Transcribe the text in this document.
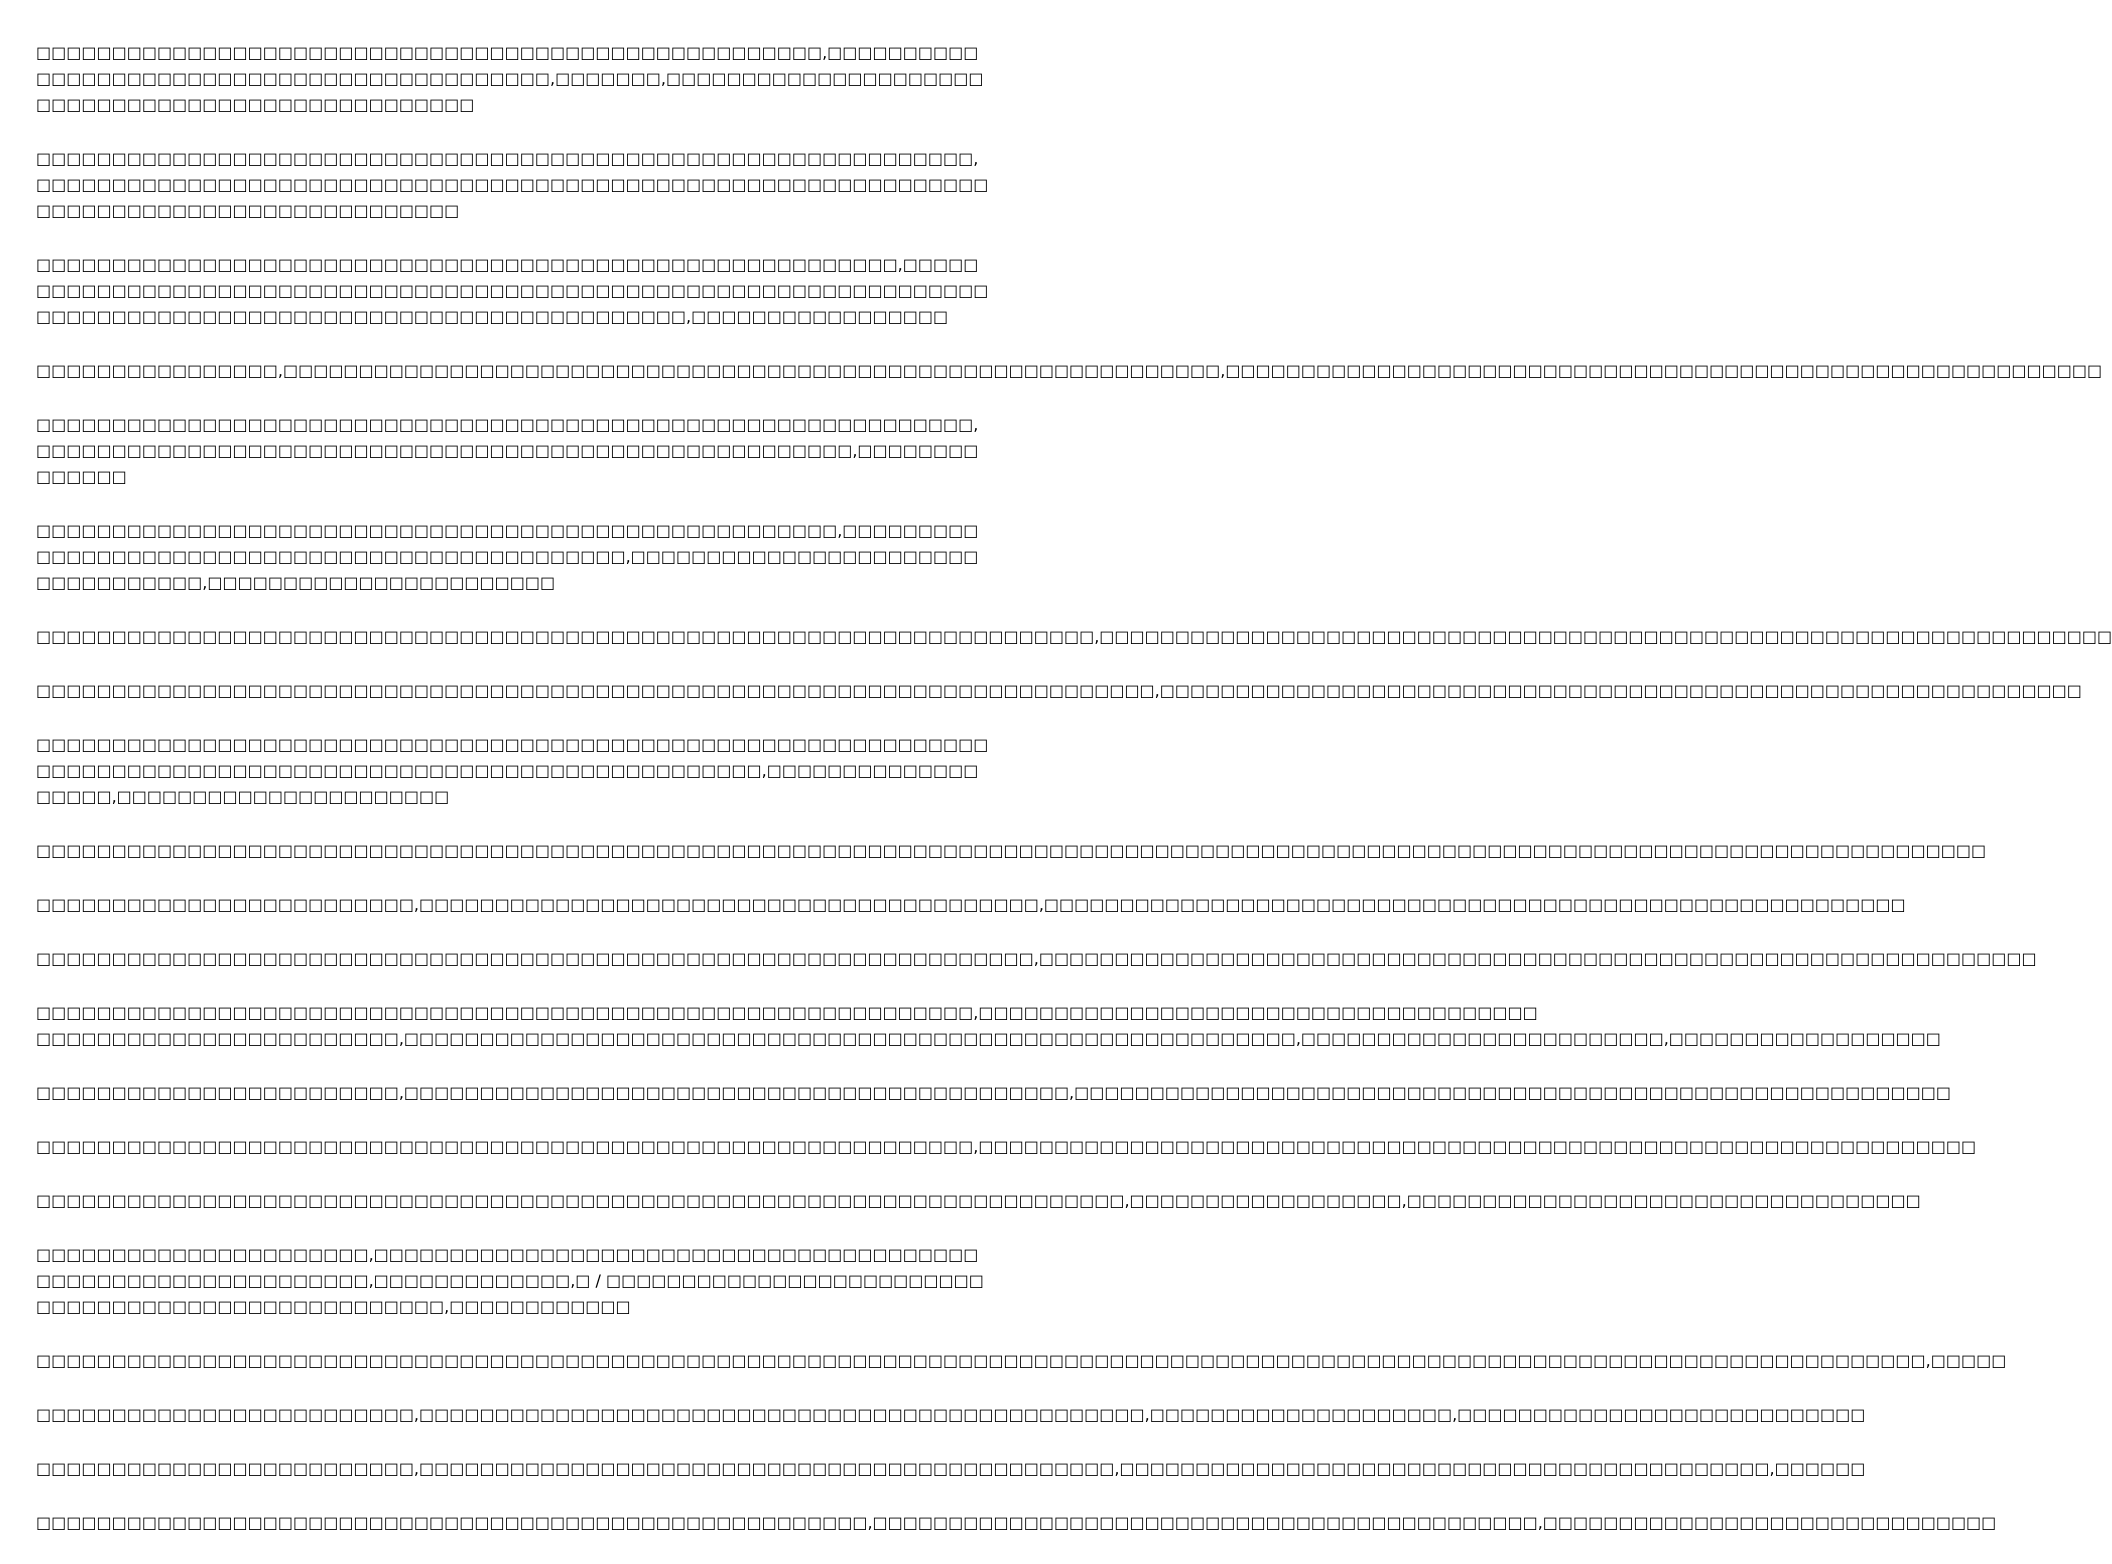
□□□□□□□□□□□□□□□□□□□□□□□□□□□□□□□□□□□□□□□□□□□□□□□□□□□□,□□□□□□□□□□□□□□□□□□□□□□□□□□□□□□□□□□□□□□□□□□□□,□□□□□□□,□□□□□□□□□□□□□□□□□□□□□□□□□□□□□□□□□□□□□□□□□□□□□□□□□□

□□□□□□□□□□□□□□□□□□□□□□□□□□□□□□□□□□□□□□□□□□□□□□□□□□□□□□□□□□□□□□,□□□□□□□□□□□□□□□□□□□□□□□□□□□□□□□□□□□□□□□□□□□□□□□□□□□□□□□□□□□□□□□□□□□□□□□□□□□□□□□□□□□□□□□□□□□

□□□□□□□□□□□□□□□□□□□□□□□□□□□□□□□□□□□□□□□□□□□□□□□□□□□□□□□□□,□□□□□□□□□□□□□□□□□□□□□□□□□□□□□□□□□□□□□□□□□□□□□□□□□□□□□□□□□□□□□□□□□□□□□□□□□□□□□□□□□□□□□□□□□□□□□□□□□□□□□□□□□□□□□□□,□□□□□□□□□□□□□□□□□

□□□□□□□□□□□□□□□□,□□□□□□□□□□□□□□□□□□□□□□□□□□□□□□□□□□□□□□□□□□□□□□□□□□□□□□□□□□□□□□,□□□□□□□□□□□□□□□□□□□□□□□□□□□□□□□□□□□□□□□□□□□□□□□□□□□□□□□□□□

□□□□□□□□□□□□□□□□□□□□□□□□□□□□□□□□□□□□□□□□□□□□□□□□□□□□□□□□□□□□□□,□□□□□□□□□□□□□□□□□□□□□□□□□□□□□□□□□□□□□□□□□□□□□□□□□□□□□□,□□□□□□□□□□□□□□

□□□□□□□□□□□□□□□□□□□□□□□□□□□□□□□□□□□□□□□□□□□□□□□□□□□□□,□□□□□□□□□□□□□□□□□□□□□□□□□□□□□□□□□□□□□□□□□□□□□□□□,□□□□□□□□□□□□□□□□□□□□□□□□□□□□□□□□□□,□□□□□□□□□□□□□□□□□□□□□□□

□□□□□□□□□□□□□□□□□□□□□□□□□□□□□□□□□□□□□□□□□□□□□□□□□□□□□□□□□□□□□□□□□□□□□□,□□□□□□□□□□□□□□□□□□□□□□□□□□□□□□□□□□□□□□□□□□□□□□□□□□□□□□□□□□□□□□□□□□□

□□□□□□□□□□□□□□□□□□□□□□□□□□□□□□□□□□□□□□□□□□□□□□□□□□□□□□□□□□□□□□□□□□□□□□□□□□,□□□□□□□□□□□□□□□□□□□□□□□□□□□□□□□□□□□□□□□□□□□□□□□□□□□□□□□□□□□□□

□□□□□□□□□□□□□□□□□□□□□□□□□□□□□□□□□□□□□□□□□□□□□□□□□□□□□□□□□□□□□□□□□□□□□□□□□□□□□□□□□□□□□□□□□□□□□□□□□□□□□□□□□□□□□□□,□□□□□□□□□□□□□□□□□□□,□□□□□□□□□□□□□□□□□□□□□□

□□□□□□□□□□□□□□□□□□□□□□□□□□□□□□□□□□□□□□□□□□□□□□□□□□□□□□□□□□□□□□□□□□□□□□□□□□□□□□□□□□□□□□□□□□□□□□□□□□□□□□□□□□□□□□□□□□□□□□□□□□□□□□□□□

□□□□□□□□□□□□□□□□□□□□□□□□□,□□□□□□□□□□□□□□□□□□□□□□□□□□□□□□□□□□□□□□□□□,□□□□□□□□□□□□□□□□□□□□□□□□□□□□□□□□□□□□□□□□□□□□□□□□□□□□□□□□□

□□□□□□□□□□□□□□□□□□□□□□□□□□□□□□□□□□□□□□□□□□□□□□□□□□□□□□□□□□□□□□□□□□,□□□□□□□□□□□□□□□□□□□□□□□□□□□□□□□□□□□□□□□□□□□□□□□□□□□□□□□□□□□□□□□□□□

□□□□□□□□□□□□□□□□□□□□□□□□□□□□□□□□□□□□□□□□□□□□□□□□□□□□□□□□□□□□□□,□□□□□□□□□□□□□□□□□□□□□□□□□□□□□□□□□□□□□

□□□□□□□□□□□□□□□□□□□□□□□□,□□□□□□□□□□□□□□□□□□□□□□□□□□□□□□□□□□□□□□□□□□□□□□□□□□□□□□□□□□□,□□□□□□□□□□□□□□□□□□□□□□□□,□□□□□□□□□□□□□□□□□□

□□□□□□□□□□□□□□□□□□□□□□□□,□□□□□□□□□□□□□□□□□□□□□□□□□□□□□□□□□□□□□□□□□□□□,□□□□□□□□□□□□□□□□□□□□□□□□□□□□□□□□□□□□□□□□□□□□□□□□□□□□□□□□□□

□□□□□□□□□□□□□□□□□□□□□□□□□□□□□□□□□□□□□□□□□□□□□□□□□□□□□□□□□□□□□□,□□□□□□□□□□□□□□□□□□□□□□□□□□□□□□□□□□□□□□□□□□□□□□□□□□□□□□□□□□□□□□□□□□

□□□□□□□□□□□□□□□□□□□□□□□□□□□□□□□□□□□□□□□□□□□□□□□□□□□□□□□□□□□□□□□□□□□□□□□□,□□□□□□□□□□□□□□□□□□,□□□□□□□□□□□□□□□□□□□□□□□□□□□□□□□□□□

□□□□□□□□□□□□□□□□□□□□□□,□□□□□□□□□□□□□□□□□□□□□□□□□□□□□□□□□□□□□□□□□□□□□□□□□□□□□□□□□□□□□□,□□□□□□□□□□□□□,□ / □□□□□□□□□□□□□□□□□□□□□□□□□□□□□□□□□□□□□□□□□□□□□□□□□□□□,□□□□□□□□□□□□

□□□□□□□□□□□□□□□□□□□□□□□□□□□□□□□□□□□□□□□□□□□□□□□□□□□□□□□□□□□□□□□□□□□□□□□□□□□□□□□□□□□□□□□□□□□□□□□□□□□□□□□□□□□□□□□□□□□□□□□□□□□□□,□□□□□

□□□□□□□□□□□□□□□□□□□□□□□□□,□□□□□□□□□□□□□□□□□□□□□□□□□□□□□□□□□□□□□□□□□□□□□□□□,□□□□□□□□□□□□□□□□□□□□,□□□□□□□□□□□□□□□□□□□□□□□□□□□

□□□□□□□□□□□□□□□□□□□□□□□□□,□□□□□□□□□□□□□□□□□□□□□□□□□□□□□□□□□□□□□□□□□□□□□□,□□□□□□□□□□□□□□□□□□□□□□□□□□□□□□□□□□□□□□□□□□□,□□□□□□

□□□□□□□□□□□□□□□□□□□□□□□□□□□□□□□□□□□□□□□□□□□□□□□□□□□□□□□,□□□□□□□□□□□□□□□□□□□□□□□□□□□□□□□□□□□□□□□□□□□□,□□□□□□□□□□□□□□□□□□□□□□□□□□□□□□
